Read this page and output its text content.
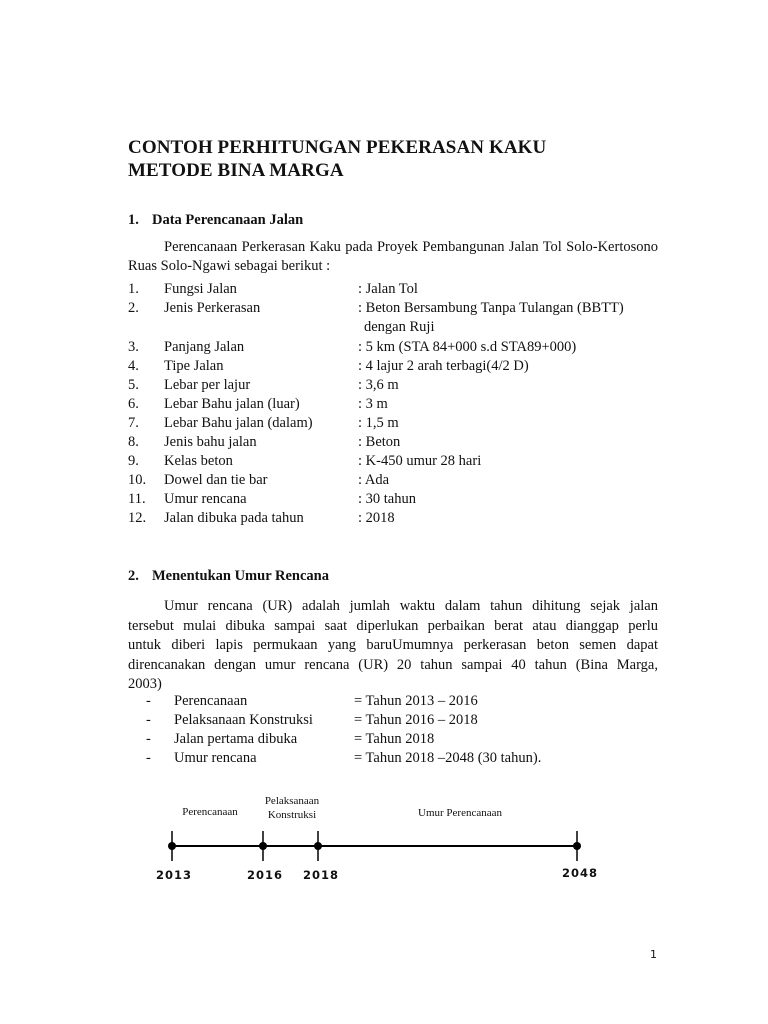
CONTOH PERHITUNGAN PEKERASAN KAKU
METODE BINA MARGA
1. Data Perencanaan Jalan
Perencanaan Perkerasan Kaku pada Proyek Pembangunan Jalan Tol Solo-Kertosono Ruas Solo-Ngawi sebagai berikut :
1. Fungsi Jalan	: Jalan Tol
2. Jenis Perkerasan	: Beton Bersambung Tanpa Tulangan (BBTT)
dengan Ruji
3. Panjang Jalan	: 5 km (STA 84+000 s.d STA89+000)
4. Tipe Jalan	: 4 lajur 2 arah terbagi(4/2 D)
5. Lebar per lajur	: 3,6 m
6. Lebar Bahu jalan (luar)	: 3 m
7. Lebar Bahu jalan (dalam)	: 1,5 m
8. Jenis bahu jalan	: Beton
9. Kelas beton	: K-450 umur 28 hari
10. Dowel dan tie bar	: Ada
11. Umur rencana	: 30 tahun
12. Jalan dibuka pada tahun	: 2018
2. Menentukan Umur Rencana
Umur rencana (UR) adalah jumlah waktu dalam tahun dihitung sejak jalan
tersebut mulai dibuka sampai saat diperlukan perbaikan berat atau dianggap perlu
untuk diberi lapis permukaan yang baruUmumnya perkerasan beton semen dapat
direncanakan dengan umur rencana (UR) 20 tahun sampai 40 tahun (Bina Marga,
2003)
- Perencanaan	= Tahun 2013 – 2016
- Pelaksanaan Konstruksi	= Tahun 2016 – 2018
- Jalan pertama dibuka	= Tahun 2018
- Umur rencana	= Tahun 2018 –2048 (30 tahun).
2013	2016 2018	2048
Perencanaan
Pelaksanaan
Konstruksi	Umur Perencanaan
1
